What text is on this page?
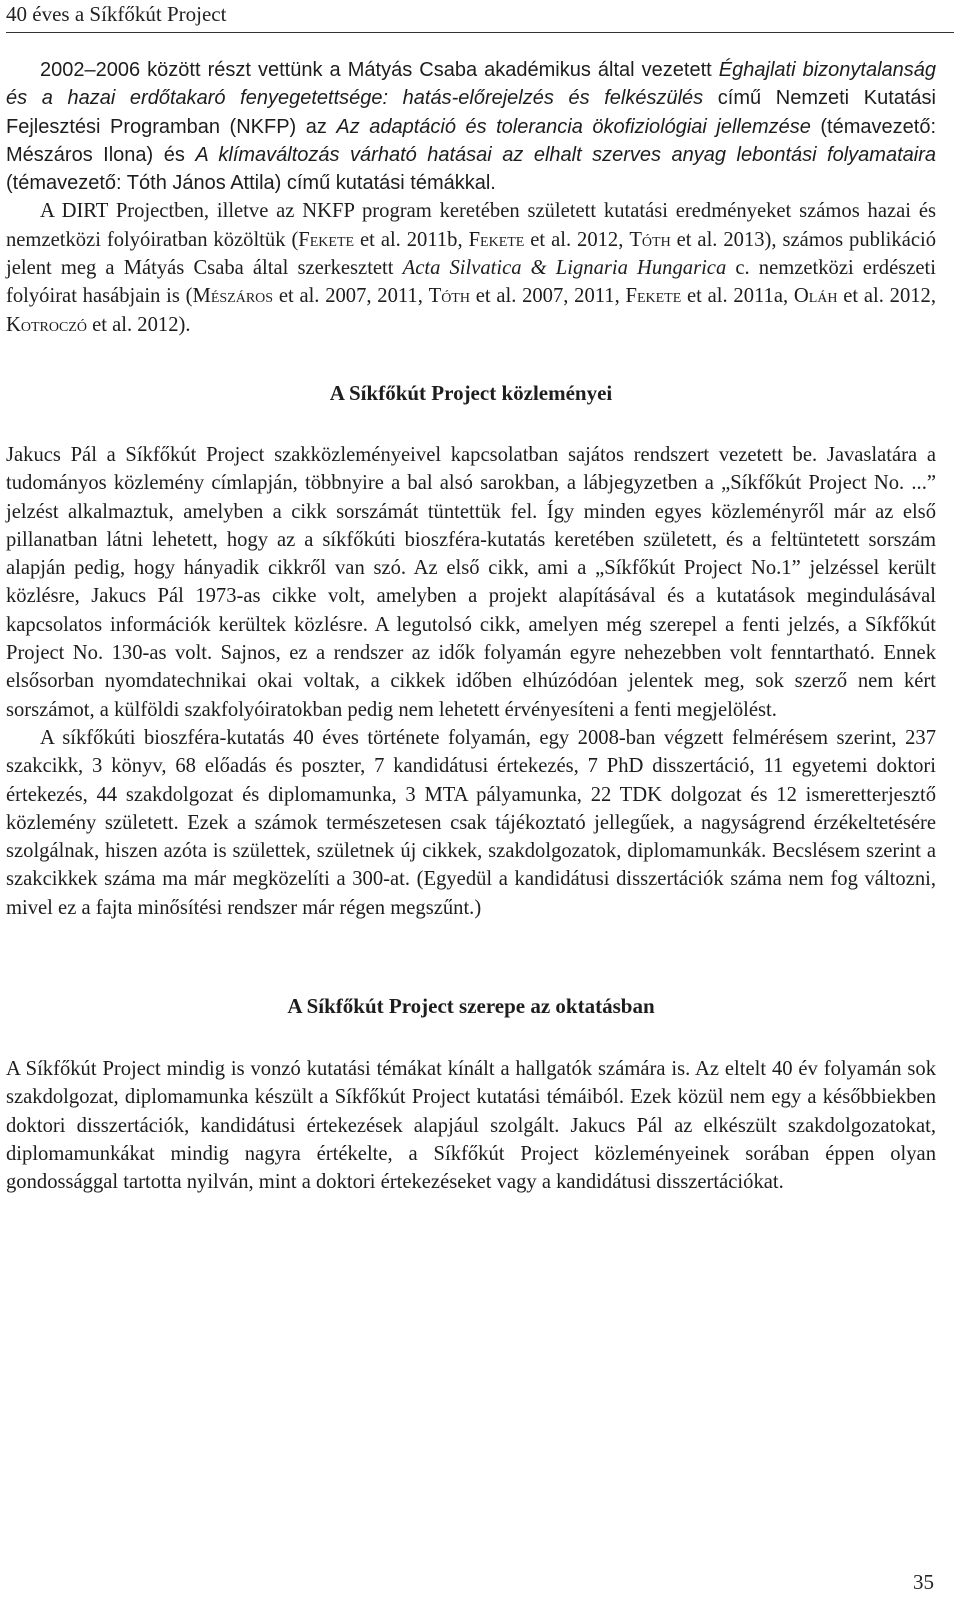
40 éves a Síkfőkút Project

2002–2006 között részt vettünk a Mátyás Csaba akadémikus által vezetett Éghajlati bizonytalanság és a hazai erdőtakaró fenyegetettsége: hatás-előrejelzés és felkészülés című Nemzeti Kutatási Fejlesztési Programban (NKFP) az Az adaptáció és tolerancia ökofiziológiai jellemzése (témavezető: Mészáros Ilona) és A klímaváltozás várható hatásai az elhalt szerves anyag lebontási folyamataira (témavezető: Tóth János Attila) című kutatási témákkal.

A DIRT Projectben, illetve az NKFP program keretében született kutatási eredményeket számos hazai és nemzetközi folyóiratban közöltük (Fekete et al. 2011b, Fekete et al. 2012, Tóth et al. 2013), számos publikáció jelent meg a Mátyás Csaba által szerkesztett Acta Silvatica & Lignaria Hungarica c. nemzetközi erdészeti folyóirat hasábjain is (Mészáros et al. 2007, 2011, Tóth et al. 2007, 2011, Fekete et al. 2011a, Oláh et al. 2012, Kotroczó et al. 2012).

A Síkfőkút Project közleményei

Jakucs Pál a Síkfőkút Project szakközleményeivel kapcsolatban sajátos rendszert vezetett be. Javaslatára a tudományos közlemény címlapján, többnyire a bal alsó sarokban, a lábjegyzetben a „Síkfőkút Project No. ...” jelzést alkalmaztuk, amelyben a cikk sorszámát tüntettük fel. Így minden egyes közleményről már az első pillanatban látni lehetett, hogy az a síkfőkúti bioszféra-kutatás keretében született, és a feltüntetett sorszám alapján pedig, hogy hányadik cikkről van szó. Az első cikk, ami a „Síkfőkút Project No.1” jelzéssel került közlésre, Jakucs Pál 1973-as cikke volt, amelyben a projekt alapításával és a kutatások megindulásával kapcsolatos információk kerültek közlésre. A legutolsó cikk, amelyen még szerepel a fenti jelzés, a Síkfőkút Project No. 130-as volt. Sajnos, ez a rendszer az idők folyamán egyre nehezebben volt fenntartható. Ennek elsősorban nyomdatechnikai okai voltak, a cikkek időben elhúzódóan jelentek meg, sok szerző nem kért sorszámot, a külföldi szakfolyóiratokban pedig nem lehetett érvényesíteni a fenti megjelölést.

A síkfőkúti bioszféra-kutatás 40 éves története folyamán, egy 2008-ban végzett felmérésem szerint, 237 szakcikk, 3 könyv, 68 előadás és poszter, 7 kandidátusi értekezés, 7 PhD disszertáció, 11 egyetemi doktori értekezés, 44 szakdolgozat és diplomamunka, 3 MTA pályamunka, 22 TDK dolgozat és 12 ismeretterjesztő közlemény született. Ezek a számok természetesen csak tájékoztató jellegűek, a nagyságrend érzékeltetésére szolgálnak, hiszen azóta is születtek, születnek új cikkek, szakdolgozatok, diplomamunkák. Becslésem szerint a szakcikkek száma ma már megközelíti a 300-at. (Egyedül a kandidátusi disszertációk száma nem fog változni, mivel ez a fajta minősítési rendszer már régen megszűnt.)

A Síkfőkút Project szerepe az oktatásban

A Síkfőkút Project mindig is vonzó kutatási témákat kínált a hallgatók számára is. Az eltelt 40 év folyamán sok szakdolgozat, diplomamunka készült a Síkfőkút Project kutatási témáiból. Ezek közül nem egy a későbbiekben doktori disszertációk, kandidátusi értekezések alapjául szolgált. Jakucs Pál az elkészült szakdolgozatokat, diplomamunkákat mindig nagyra értékelte, a Síkfőkút Project közleményeinek sorában éppen olyan gondossággal tartotta nyilván, mint a doktori értekezéseket vagy a kandidátusi disszertációkat.

35
